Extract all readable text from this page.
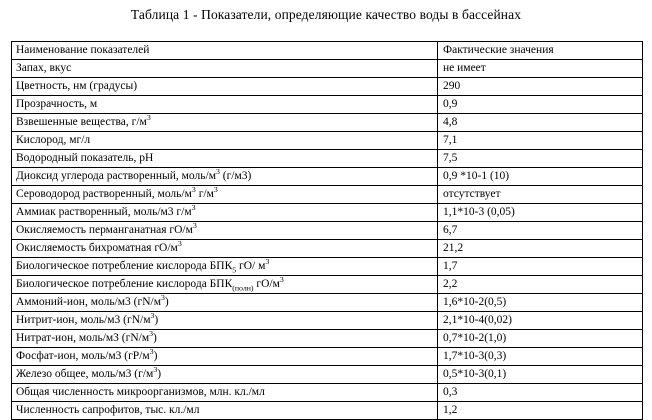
Таблица 1 - Показатели, определяющие качество воды в бассейнах
Наименование показателей	Фактические значения
Запах, вкус	не имеет
Цветность, нм (градусы)	290
Прозрачность, м	0,9
Взвешенные вещества, $г/м^3$	4,8
Кислород, мг/л	7,1
Водородный показатель, рН	7,5
Диоксид углерода растворенный, моль/$м^3$ (г/м3)	0,9 *10-1 (10)
Сероводород растворенный, моль/$м^3$ $г/м^3$	отсутствует
Аммиак растворенный, моль/м3 $г/м^3$	1,1*10-3 (0,05)
Окисляемость перманганатная $гО/м^3$	6,7
Окисляемость бихроматная $гО/м^3$	21,2
Биологическое потребление кислорода $БПК_5$ гО/ $м^3$	1,7
Биологическое потребление кислорода $БПК_{(полн)}$ $гО/м^3$	2,2
Аммоний-ион, моль/м3 $(гN/м^3)$	1,6*10-2(0,5)
Нитрит-ион, моль/м3 $(гN/м^3)$	2,1*10-4(0,02)
Нитрат-ион, моль/м3 $(гN/м^3)$	0,7*10-2(1,0)
Фосфат-ион, моль/м3 $(гР/м^3)$	1,7*10-3(0,3)
Железо общее, моль/м3 $(г/м^3)$	0,5*10-3(0,1)
Общая численность микроорганизмов, млн. кл./мл	0,3
Численность сапрофитов, тыс. кл./мл	1,2
